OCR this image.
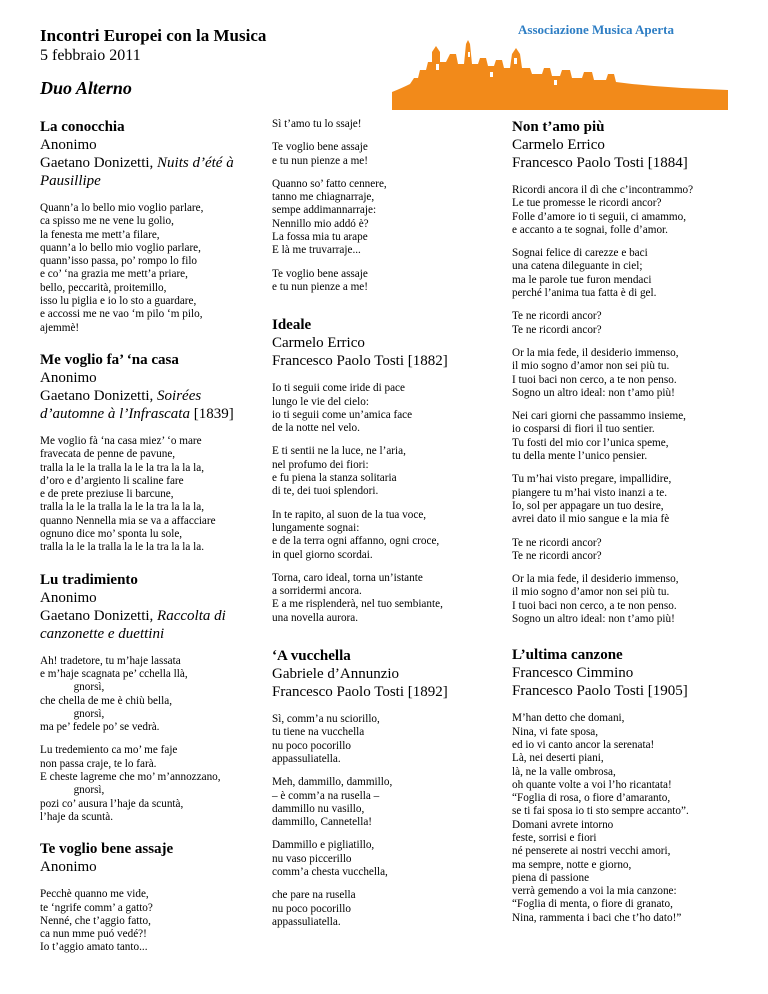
Incontri Europei con la Musica
5 febbraio 2011
Duo Alterno
Associazione Musica Aperta
La conocchia
Anonimo
Gaetano Donizetti, Nuits d’été à Pausillipe
Quann’a lo bello mio voglio parlare,
ca spisso me ne vene lu golio,
la fenesta me mett’a filare,
quann’a lo bello mio voglio parlare,
quann’isso passa, po’ rompo lo filo
e co’ ‘na grazia me mett’a priare,
bello, peccarità, proitemillo,
isso lu piglia e io lo sto a guardare,
e accossi me ne vao ‘m pilo ‘m pilo,
ajemmè!
Me voglio fa’ ‘na casa
Anonimo
Gaetano Donizetti, Soirées d’automne à l’Infrascata [1839]
Me voglio fà ‘na casa miez’ ‘o mare
fravecata de penne de pavune,
tralla la le la tralla la le la tra la la la,
d’oro e d’argiento li scaline fare
e de prete preziuse li barcune,
tralla la le la tralla la le la tra la la la,
quanno Nennella mia se va a affacciare
ognuno dice mo’ sponta lu sole,
tralla la le la tralla la le la tra la la la.
Lu tradimiento
Anonimo
Gaetano Donizetti, Raccolta di canzonette e duettini
Ah! tradetore, tu m’haje lassata
e m’haje scagnata pe’ cchella llà,
gnorsì,
che chella de me è chiù bella,
gnorsì,
ma pe’ fedele po’ se vedrà.
Lu tredemiento ca mo’ me faje
non passa craje, te lo farà.
E cheste lagreme che mo’ m’annozzano,
gnorsì,
pozi co’ ausura l’haje da scuntà,
l’haje da scuntà.
Te voglio bene assaje
Anonimo
Pecchè quanno me vide,
te ‘ngrife comm’ a gatto?
Nenné, che t’aggio fatto,
ca nun mme puó vedé?!
Io t’aggio amato tanto...
Sì t’amo tu lo ssaje!
Te voglio bene assaje
e tu nun pienze a me!
Quanno so’ fatto cennere,
tanno me chiagnarraje,
sempe addimannarraje:
Nennillo mio addó è?
La fossa mia tu arape
E là me truvarraje...
Te voglio bene assaje
e tu nun pienze a me!
Ideale
Carmelo Errico
Francesco Paolo Tosti [1882]
Io ti seguii come iride di pace
lungo le vie del cielo:
io ti seguii come un’amica face
de la notte nel velo.
E ti sentii ne la luce, ne l’aria,
nel profumo dei fiori:
e fu piena la stanza solitaria
di te, dei tuoi splendori.
In te rapito, al suon de la tua voce,
lungamente sognai:
e de la terra ogni affanno, ogni croce,
in quel giorno scordai.
Torna, caro ideal, torna un’istante
a sorridermi ancora.
E a me risplenderà, nel tuo sembiante,
una novella aurora.
‘A vucchella
Gabriele d’Annunzio
Francesco Paolo Tosti [1892]
Sì, comm’a nu sciorillo,
tu tiene na vucchella
nu poco pocorillo
appassuliatella.
Meh, dammillo, dammillo,
– è comm’a na rusella –
dammillo nu vasillo,
dammillo, Cannetella!
Dammillo e pigliatillo,
nu vaso piccerillo
comm’a chesta vucchella,
che pare na rusella
nu poco pocorillo
appassuliatella.
Non t’amo più
Carmelo Errico
Francesco Paolo Tosti [1884]
Ricordi ancora il dì che c’incontrammo?
Le tue promesse le ricordi ancor?
Folle d’amore io ti seguii, ci amammo,
e accanto a te sognai, folle d’amor.
Sognai felice di carezze e baci
una catena dileguante in ciel;
ma le parole tue furon mendaci
perché l’anima tua fatta è di gel.
Te ne ricordi ancor?
Te ne ricordi ancor?
Or la mia fede, il desiderio immenso,
il mio sogno d’amor non sei più tu.
I tuoi baci non cerco, a te non penso.
Sogno un altro ideal: non t’amo più!
Nei cari giorni che passammo insieme,
io cosparsi di fiori il tuo sentier.
Tu fosti del mio cor l’unica speme,
tu della mente l’unico pensier.
Tu m’hai visto pregare, impallidire,
piangere tu m’hai visto inanzi a te.
Io, sol per appagare un tuo desire,
avrei dato il mio sangue e la mia fè
Te ne ricordi ancor?
Te ne ricordi ancor?
Or la mia fede, il desiderio immenso,
il mio sogno d’amor non sei più tu.
I tuoi baci non cerco, a te non penso.
Sogno un altro ideal: non t’amo più!
L’ultima canzone
Francesco Cimmino
Francesco Paolo Tosti [1905]
M’han detto che domani,
Nina, vi fate sposa,
ed io vi canto ancor la serenata!
Là, nei deserti piani,
là, ne la valle ombrosa,
oh quante volte a voi l’ho ricantata!
“Foglia di rosa, o fiore d’amaranto,
se ti fai sposa io ti sto sempre accanto”.
Domani avrete intorno
feste, sorrisi e fiori
né penserete ai nostri vecchi amori,
ma sempre, notte e giorno,
piena di passione
verrà gemendo a voi la mia canzone:
“Foglia di menta, o fiore di granato,
Nina, rammenta i baci che t’ho dato!”
